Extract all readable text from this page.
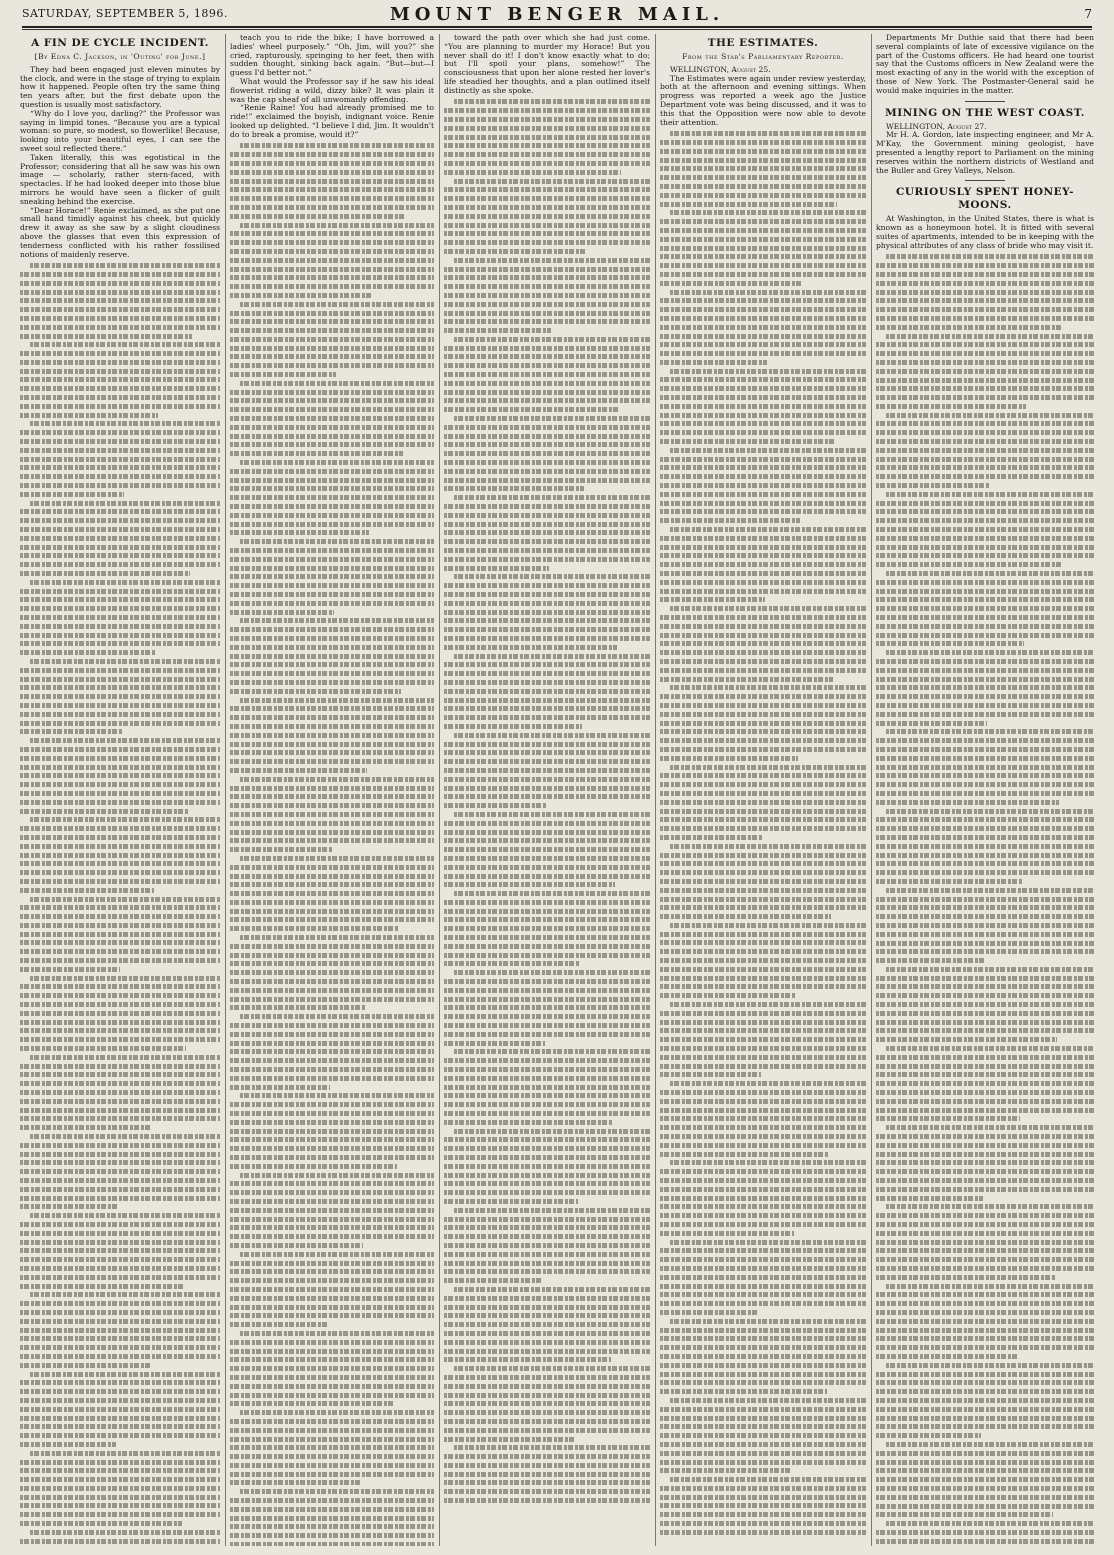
SATURDAY, SEPTEMBER 5, 1896.	MOUNT BENGER MAIL.	7
A FIN DE CYCLE INCIDENT.
[By Edna C. Jackson, in 'Outing' for June.]

They had been engaged just eleven minutes by the clock, and were in the stage of trying to explain how it happened. People often try the same thing ten years after, but the first debate upon the question is usually most satisfactory.

“Why do I love you, darling?” the Professor was saying in limpid tones. “Because you are a typical woman: so pure, so modest, so flowerlike! Because, looking into your beautiful eyes, I can see the sweet soul reflected there.”

Taken literally, this was egotistical in the Professor; considering that all he saw was his own image — scholarly, rather stern-faced, with spectacles. If he had looked deeper into those blue mirrors he would have seen a flicker of guilt sneaking behind the exercise.

“Dear Horace!” Renie exclaimed, as she put one small hand timidly against his cheek, but quickly drew it away as she saw by a slight cloudiness above the glasses that even this expression of tenderness conflicted with his rather fossilised notions of maidenly reserve.

teach you to ride the bike; I have borrowed a ladies' wheel purposely.” “Oh, Jim, will you?” she cried, rapturously, springing to her feet, then with sudden thought, sinking back again. “But—but—I guess I'd better not.”

What would the Professor say if he saw his ideal flowerist riding a wild, dizzy bike? It was plain it was the cap sheaf of all unwomanly offending.

“Renie Raine! You had already promised me to ride!” exclaimed the boyish, indignant voice. Renie looked up delighted. “I believe I did, Jim. It wouldn't do to break a promise, would it?”

toward the path over which she had just come. “You are planning to murder my Horace! But you never shall do it! I don't know exactly what to do; but I'll spoil your plans, somehow!” The consciousness that upon her alone rested her lover's life steadied her thoughts, and a plan outlined itself distinctly as she spoke.

THE ESTIMATES.
From the Star's Parliamentary Reporter.

WELLINGTON, August 25.

The Estimates were again under review yesterday, both at the afternoon and evening sittings. When progress was reported a week ago the Justice Department vote was being discussed, and it was to this that the Opposition were now able to devote their attention.

Departments Mr Duthie said that there had been several complaints of late of excessive vigilance on the part of the Customs officers. He had heard one tourist say that the Customs officers in New Zealand were the most exacting of any in the world with the exception of those of New York. The Postmaster-General said he would make inquiries in the matter.

MINING ON THE WEST COAST.

WELLINGTON, August 27.

Mr H. A. Gordon, late inspecting engineer, and Mr A. M'Kay, the Government mining geologist, have presented a lengthy report to Parliament on the mining reserves within the northern districts of Westland and the Buller and Grey Valleys, Nelson.

CURIOUSLY SPENT HONEY-MOONS.

At Washington, in the United States, there is what is known as a honeymoon hotel. It is fitted with several suites of apartments, intended to be in keeping with the physical attributes of any class of bride who may visit it.
